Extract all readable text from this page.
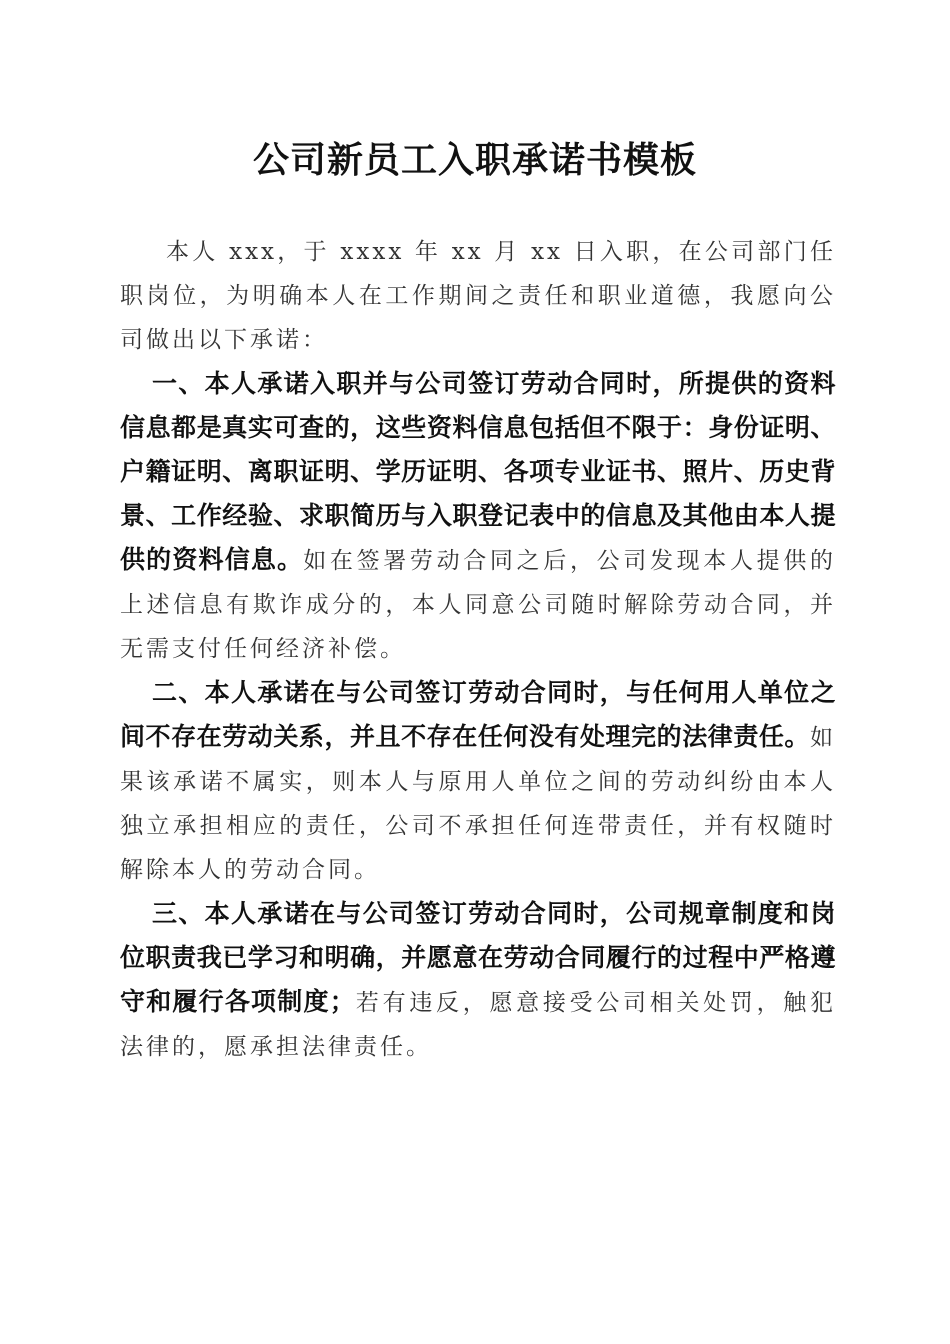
公司新员工入职承诺书模板

本人 xxx，于 xxxx 年 xx 月 xx 日入职，在公司部门任职岗位，为明确本人在工作期间之责任和职业道德，我愿向公司做出以下承诺：

一、本人承诺入职并与公司签订劳动合同时，所提供的资料信息都是真实可查的，这些资料信息包括但不限于：身份证明、户籍证明、离职证明、学历证明、各项专业证书、照片、历史背景、工作经验、求职简历与入职登记表中的信息及其他由本人提供的资料信息。如在签署劳动合同之后，公司发现本人提供的上述信息有欺诈成分的，本人同意公司随时解除劳动合同，并无需支付任何经济补偿。

二、本人承诺在与公司签订劳动合同时，与任何用人单位之间不存在劳动关系，并且不存在任何没有处理完的法律责任。如果该承诺不属实，则本人与原用人单位之间的劳动纠纷由本人独立承担相应的责任，公司不承担任何连带责任，并有权随时解除本人的劳动合同。

三、本人承诺在与公司签订劳动合同时，公司规章制度和岗位职责我已学习和明确，并愿意在劳动合同履行的过程中严格遵守和履行各项制度；若有违反，愿意接受公司相关处罚，触犯法律的，愿承担法律责任。
